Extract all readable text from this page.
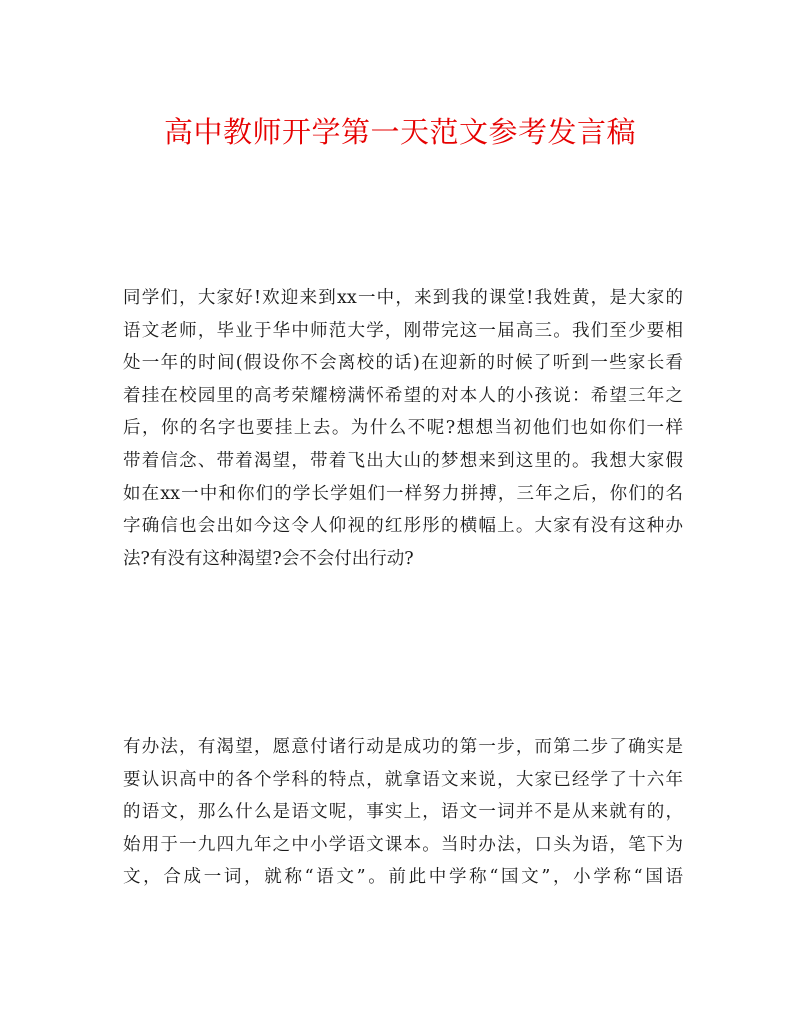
高中教师开学第一天范文参考发言稿
同学们，大家好!欢迎来到xx一中，来到我的课堂!我姓黄，是大家的
语文老师，毕业于华中师范大学，刚带完这一届高三。我们至少要相
处一年的时间(假设你不会离校的话)在迎新的时候了听到一些家长看
着挂在校园里的高考荣耀榜满怀希望的对本人的小孩说：希望三年之
后，你的名字也要挂上去。为什么不呢?想想当初他们也如你们一样
带着信念、带着渴望，带着飞出大山的梦想来到这里的。我想大家假
如在xx一中和你们的学长学姐们一样努力拼搏，三年之后，你们的名
字确信也会出如今这令人仰视的红彤彤的横幅上。大家有没有这种办
法?有没有这种渴望?会不会付出行动?
有办法，有渴望，愿意付诸行动是成功的第一步，而第二步了确实是
要认识高中的各个学科的特点，就拿语文来说，大家已经学了十六年
的语文，那么什么是语文呢，事实上，语文一词并不是从来就有的，
始用于一九四九年之中小学语文课本。当时办法，口头为语，笔下为
文，合成一词，就称“语文”。前此中学称“国文”，小学称“国语
